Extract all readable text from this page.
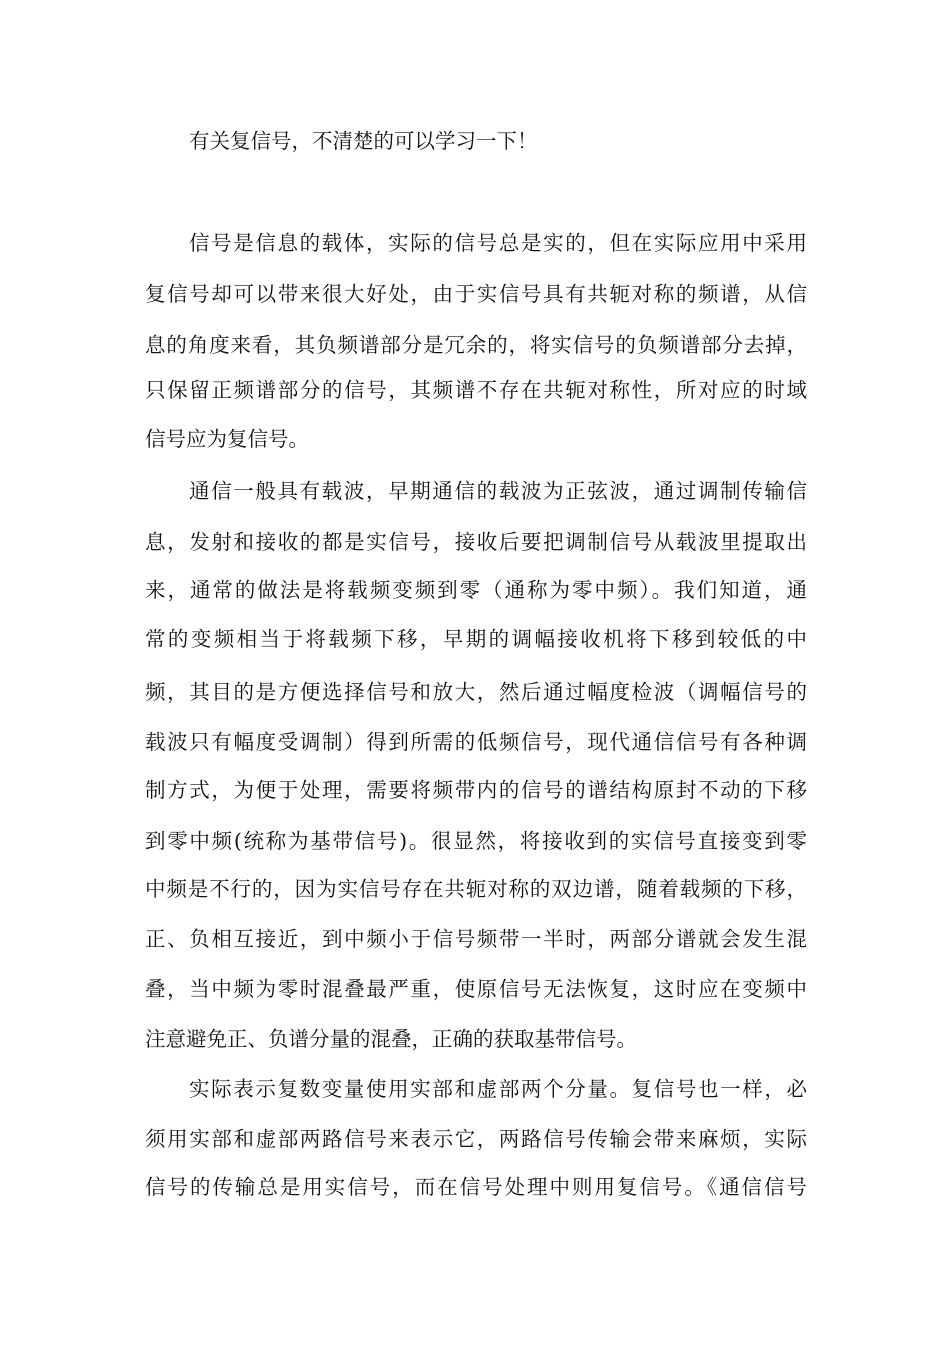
有关复信号，不清楚的可以学习一下！
信号是信息的载体，实际的信号总是实的，但在实际应用中采用
复信号却可以带来很大好处，由于实信号具有共轭对称的频谱，从信
息的角度来看，其负频谱部分是冗余的，将实信号的负频谱部分去掉，
只保留正频谱部分的信号，其频谱不存在共轭对称性，所对应的时域
信号应为复信号。
通信一般具有载波，早期通信的载波为正弦波，通过调制传输信
息，发射和接收的都是实信号，接收后要把调制信号从载波里提取出
来，通常的做法是将载频变频到零（通称为零中频）。我们知道，通
常的变频相当于将载频下移，早期的调幅接收机将下移到较低的中
频，其目的是方便选择信号和放大，然后通过幅度检波（调幅信号的
载波只有幅度受调制）得到所需的低频信号，现代通信信号有各种调
制方式，为便于处理，需要将频带内的信号的谱结构原封不动的下移
到零中频(统称为基带信号)。很显然，将接收到的实信号直接变到零
中频是不行的，因为实信号存在共轭对称的双边谱，随着载频的下移，
正、负相互接近，到中频小于信号频带一半时，两部分谱就会发生混
叠，当中频为零时混叠最严重，使原信号无法恢复，这时应在变频中
注意避免正、负谱分量的混叠，正确的获取基带信号。
实际表示复数变量使用实部和虚部两个分量。复信号也一样，必
须用实部和虚部两路信号来表示它，两路信号传输会带来麻烦，实际
信号的传输总是用实信号，而在信号处理中则用复信号。《通信信号
